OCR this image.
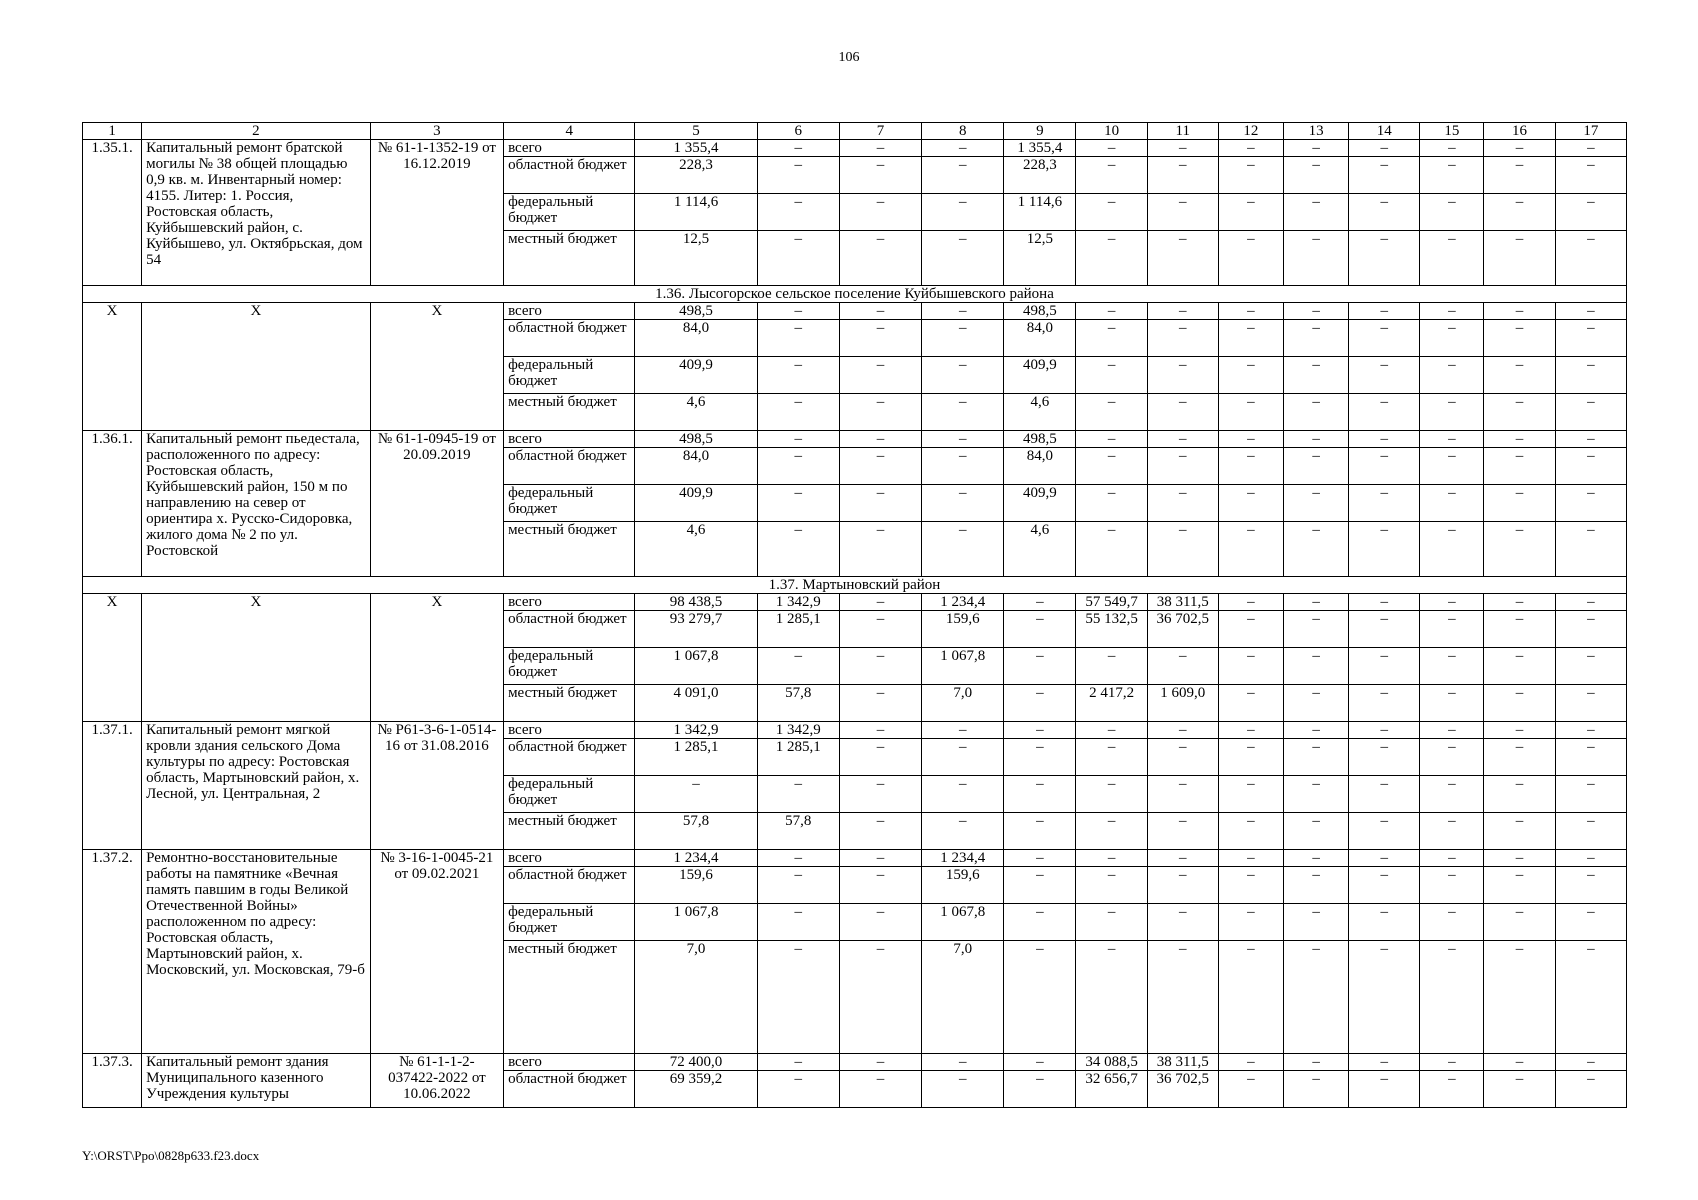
106
1	2	3	4	5	6	7	8	9	10	11	12	13	14	15	16	17
1.35.1.	Капитальный ремонт братской могилы № 38 общей площадью 0,9 кв. м. Инвентарный номер: 4155. Литер: 1. Россия, Ростовская область, Куйбышевский район, с. Куйбышево, ул. Октябрьская, дом 54	№ 61-1-1352-19 от 16.12.2019	всего	1 355,4	–	–	–	1 355,4	–	–	–	–	–	–	–	–
			областной бюджет	228,3	–	–	–	228,3	–	–	–	–	–	–	–	–
			федеральный бюджет	1 114,6	–	–	–	1 114,6	–	–	–	–	–	–	–	–
			местный бюджет	12,5	–	–	–	12,5	–	–	–	–	–	–	–	–
1.36. Лысогорское сельское поселение Куйбышевского района																
X	X	X	всего	498,5	–	–	–	498,5	–	–	–	–	–	–	–	–
			областной бюджет	84,0	–	–	–	84,0	–	–	–	–	–	–	–	–
			федеральный бюджет	409,9	–	–	–	409,9	–	–	–	–	–	–	–	–
			местный бюджет	4,6	–	–	–	4,6	–	–	–	–	–	–	–	–
1.36.1.	Капитальный ремонт пьедестала, расположенного по адресу: Ростовская область, Куйбышевский район, 150 м по направлению на север от ориентира х. Русско-Сидоровка, жилого дома № 2 по ул. Ростовской	№ 61-1-0945-19 от 20.09.2019	всего	498,5	–	–	–	498,5	–	–	–	–	–	–	–	–
			областной бюджет	84,0	–	–	–	84,0	–	–	–	–	–	–	–	–
			федеральный бюджет	409,9	–	–	–	409,9	–	–	–	–	–	–	–	–
			местный бюджет	4,6	–	–	–	4,6	–	–	–	–	–	–	–	–
1.37. Мартыновский район																
X	X	X	всего	98 438,5	1 342,9	–	1 234,4	–	57 549,7	38 311,5	–	–	–	–	–	–
			областной бюджет	93 279,7	1 285,1	–	159,6	–	55 132,5	36 702,5	–	–	–	–	–	–
			федеральный бюджет	1 067,8	–	–	1 067,8	–	–	–	–	–	–	–	–	–
			местный бюджет	4 091,0	57,8	–	7,0	–	2 417,2	1 609,0	–	–	–	–	–	–
1.37.1.	Капитальный ремонт мягкой кровли здания сельского Дома культуры по адресу: Ростовская область, Мартыновский район, х. Лесной, ул. Центральная, 2	№ Р61-3-6-1-0514-16 от 31.08.2016	всего	1 342,9	1 342,9	–	–	–	–	–	–	–	–	–	–	–
			областной бюджет	1 285,1	1 285,1	–	–	–	–	–	–	–	–	–	–	–
			федеральный бюджет	–	–	–	–	–	–	–	–	–	–	–	–	–
			местный бюджет	57,8	57,8	–	–	–	–	–	–	–	–	–	–	–
1.37.2.	Ремонтно-восстановительные работы на памятнике «Вечная память павшим в годы Великой Отечественной Войны» расположенном по адресу: Ростовская область, Мартыновский район, х. Московский, ул. Московская, 79-б	№ 3-16-1-0045-21 от 09.02.2021	всего	1 234,4	–	–	1 234,4	–	–	–	–	–	–	–	–	–
			областной бюджет	159,6	–	–	159,6	–	–	–	–	–	–	–	–	–
			федеральный бюджет	1 067,8	–	–	1 067,8	–	–	–	–	–	–	–	–	–
			местный бюджет	7,0	–	–	7,0	–	–	–	–	–	–	–	–	–
1.37.3.	Капитальный ремонт здания Муниципального казенного Учреждения культуры	№ 61-1-1-2-037422-2022 от 10.06.2022	всего	72 400,0	–	–	–	–	34 088,5	38 311,5	–	–	–	–	–	–
			областной бюджет	69 359,2	–	–	–	–	32 656,7	36 702,5	–	–	–	–	–	–
Y:\ORST\Ppo\0828p633.f23.docx
